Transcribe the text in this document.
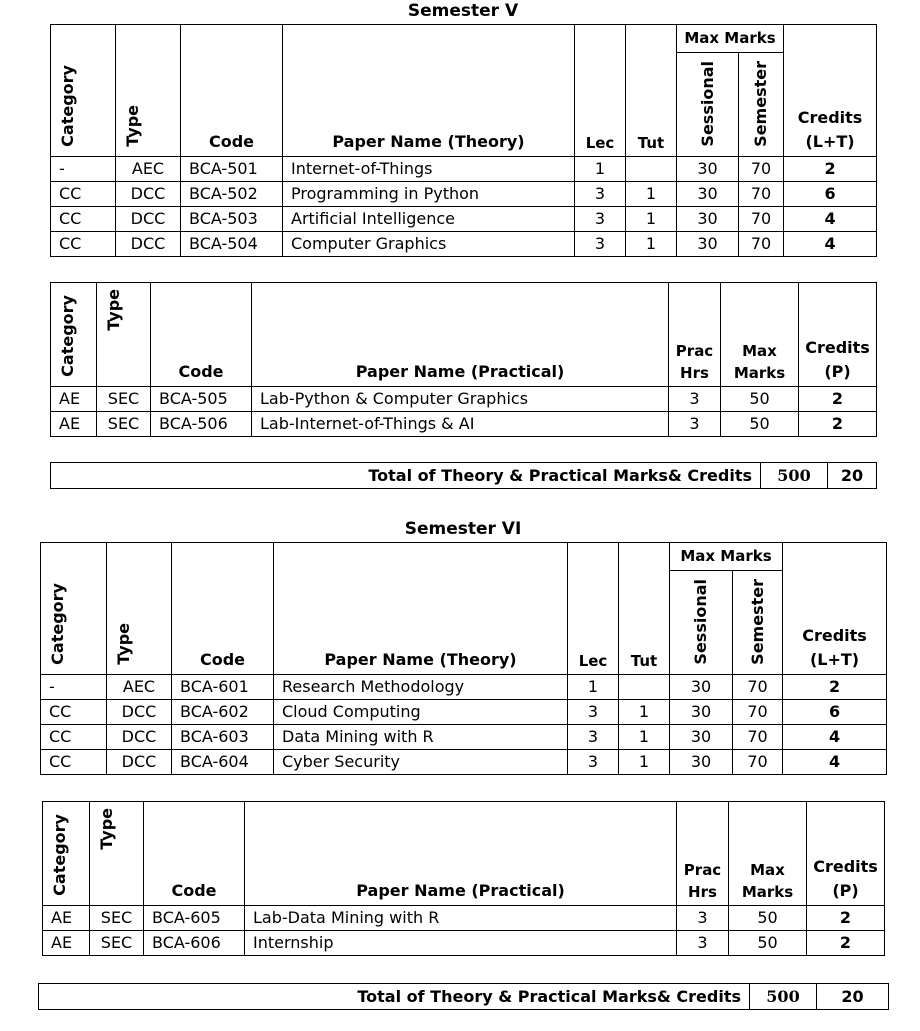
Semester V
Category	Type	Code	Paper Name (Theory)	Lec	Tut	Max Marks		Credits (L+T)
						Sessional	Semester	
-	AEC	BCA-501	Internet-of-Things	1		30	70	2
CC	DCC	BCA-502	Programming in Python	3	1	30	70	6
CC	DCC	BCA-503	Artificial Intelligence	3	1	30	70	4
CC	DCC	BCA-504	Computer Graphics	3	1	30	70	4
Category	Type	Code	Paper Name (Practical)	Prac Hrs	Max Marks	Credits (P)
AE	SEC	BCA-505	Lab-Python & Computer Graphics	3	50	2
AE	SEC	BCA-506	Lab-Internet-of-Things & AI	3	50	2
Total of Theory & Practical Marks& Credits	500	20
Semester VI
Category	Type	Code	Paper Name (Theory)	Lec	Tut	Max Marks		Credits (L+T)
						Sessional	Semester	
-	AEC	BCA-601	Research Methodology	1		30	70	2
CC	DCC	BCA-602	Cloud Computing	3	1	30	70	6
CC	DCC	BCA-603	Data Mining with R	3	1	30	70	4
CC	DCC	BCA-604	Cyber Security	3	1	30	70	4
Category	Type	Code	Paper Name (Practical)	Prac Hrs	Max Marks	Credits (P)
AE	SEC	BCA-605	Lab-Data Mining with R	3	50	2
AE	SEC	BCA-606	Internship	3	50	2
Total of Theory & Practical Marks& Credits	500	20
